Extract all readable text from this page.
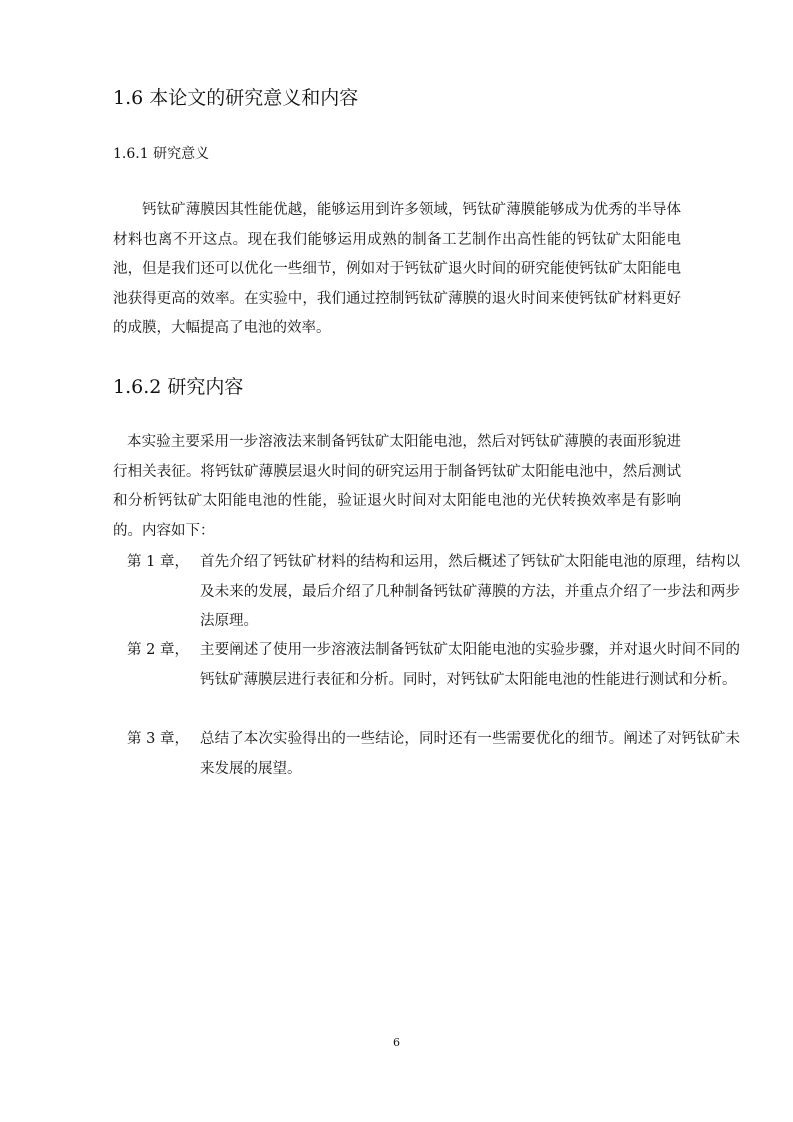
1.6 本论文的研究意义和内容
1.6.1 研究意义
钙钛矿薄膜因其性能优越，能够运用到许多领域，钙钛矿薄膜能够成为优秀的半导体材料也离不开这点。现在我们能够运用成熟的制备工艺制作出高性能的钙钛矿太阳能电池，但是我们还可以优化一些细节，例如对于钙钛矿退火时间的研究能使钙钛矿太阳能电池获得更高的效率。在实验中，我们通过控制钙钛矿薄膜的退火时间来使钙钛矿材料更好的成膜，大幅提高了电池的效率。
1.6.2 研究内容
本实验主要采用一步溶液法来制备钙钛矿太阳能电池，然后对钙钛矿薄膜的表面形貌进行相关表征。将钙钛矿薄膜层退火时间的研究运用于制备钙钛矿太阳能电池中，然后测试和分析钙钛矿太阳能电池的性能，验证退火时间对太阳能电池的光伏转换效率是有影响的。内容如下：
第 1 章， 首先介绍了钙钛矿材料的结构和运用，然后概述了钙钛矿太阳能电池的原理，结构以及未来的发展，最后介绍了几种制备钙钛矿薄膜的方法，并重点介绍了一步法和两步法原理。
第 2 章， 主要阐述了使用一步溶液法制备钙钛矿太阳能电池的实验步骤，并对退火时间不同的钙钛矿薄膜层进行表征和分析。同时，对钙钛矿太阳能电池的性能进行测试和分析。
第 3 章， 总结了本次实验得出的一些结论，同时还有一些需要优化的细节。阐述了对钙钛矿未来发展的展望。
6
